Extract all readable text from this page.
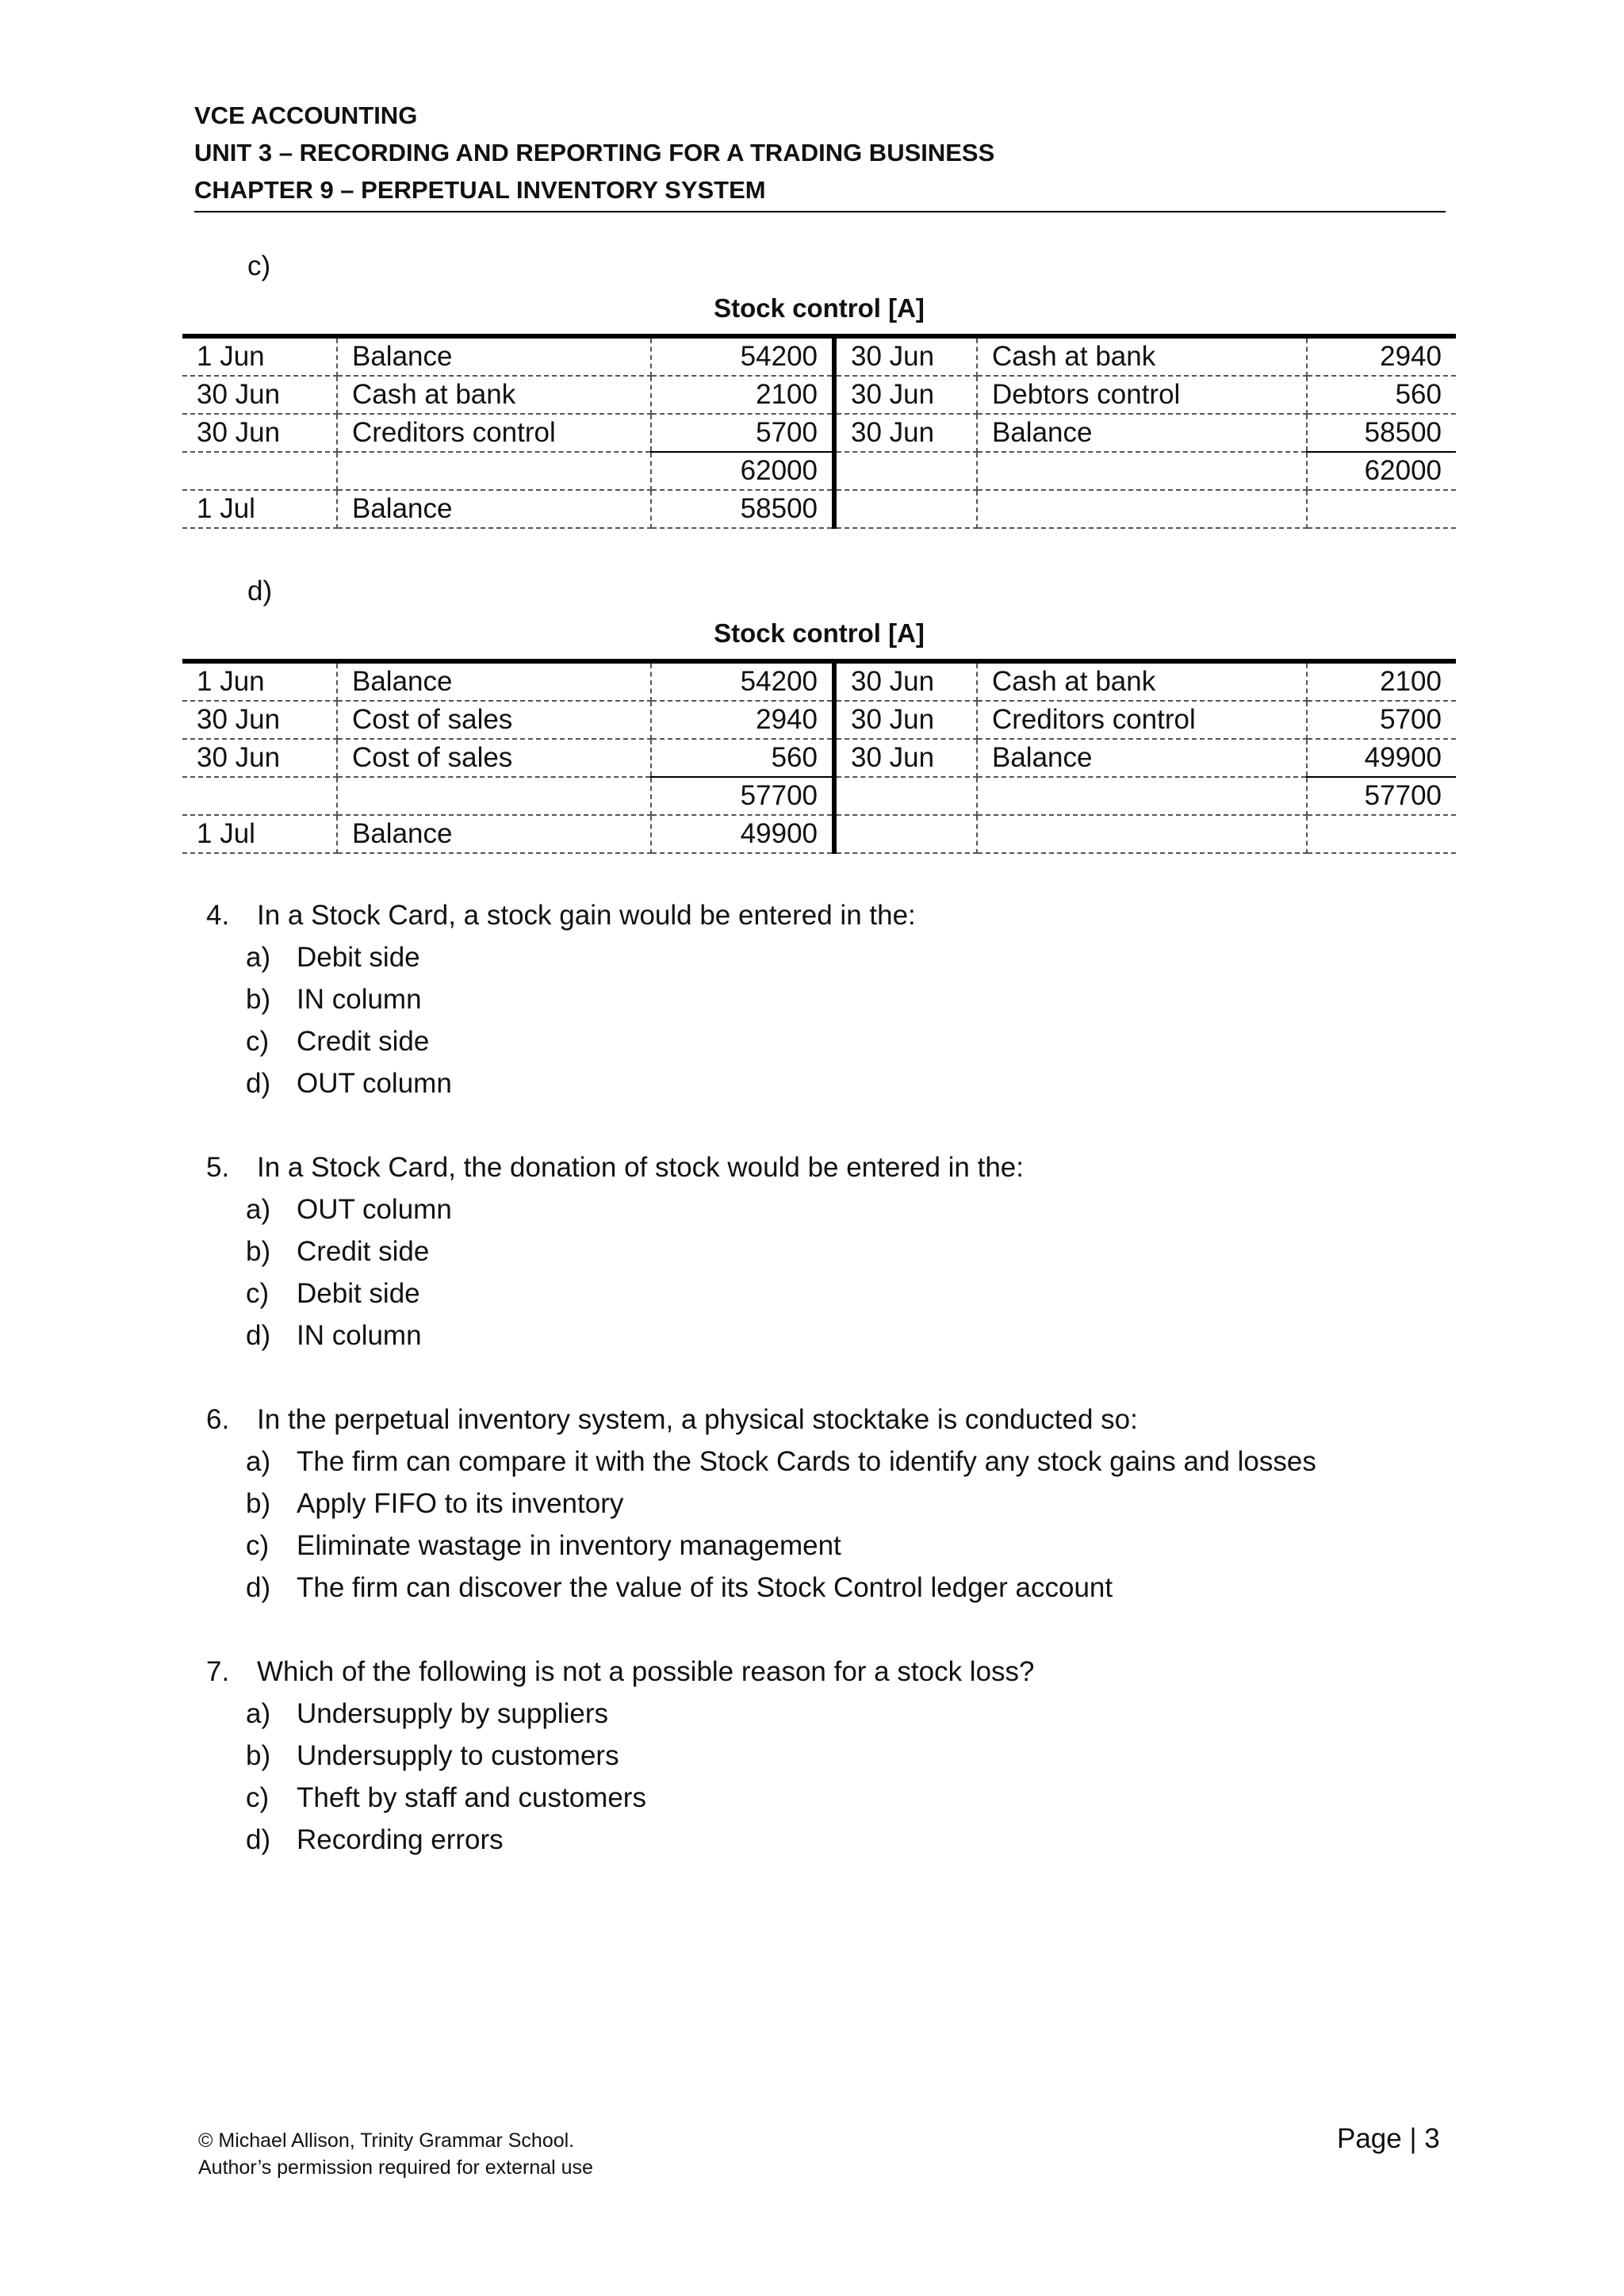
VCE ACCOUNTING
UNIT 3 – RECORDING AND REPORTING FOR A TRADING BUSINESS
CHAPTER 9 – PERPETUAL INVENTORY SYSTEM
c)
Stock control [A]
1 Jun	Balance	54200	30 Jun	Cash at bank	2940
30 Jun	Cash at bank	2100	30 Jun	Debtors control	560
30 Jun	Creditors control	5700	30 Jun	Balance	58500
		62000			62000
1 Jul	Balance	58500			
d)
Stock control [A]
1 Jun	Balance	54200	30 Jun	Cash at bank	2100
30 Jun	Cost of sales	2940	30 Jun	Creditors control	5700
30 Jun	Cost of sales	560	30 Jun	Balance	49900
		57700			57700
1 Jul	Balance	49900			
4. In a Stock Card, a stock gain would be entered in the:
a) Debit side
b) IN column
c) Credit side
d) OUT column
5. In a Stock Card, the donation of stock would be entered in the:
a) OUT column
b) Credit side
c) Debit side
d) IN column
6. In the perpetual inventory system, a physical stocktake is conducted so:
a) The firm can compare it with the Stock Cards to identify any stock gains and losses
b) Apply FIFO to its inventory
c) Eliminate wastage in inventory management
d) The firm can discover the value of its Stock Control ledger account
7. Which of the following is not a possible reason for a stock loss?
a) Undersupply by suppliers
b) Undersupply to customers
c) Theft by staff and customers
d) Recording errors
© Michael Allison, Trinity Grammar School.
Author’s permission required for external use
Page | 3
